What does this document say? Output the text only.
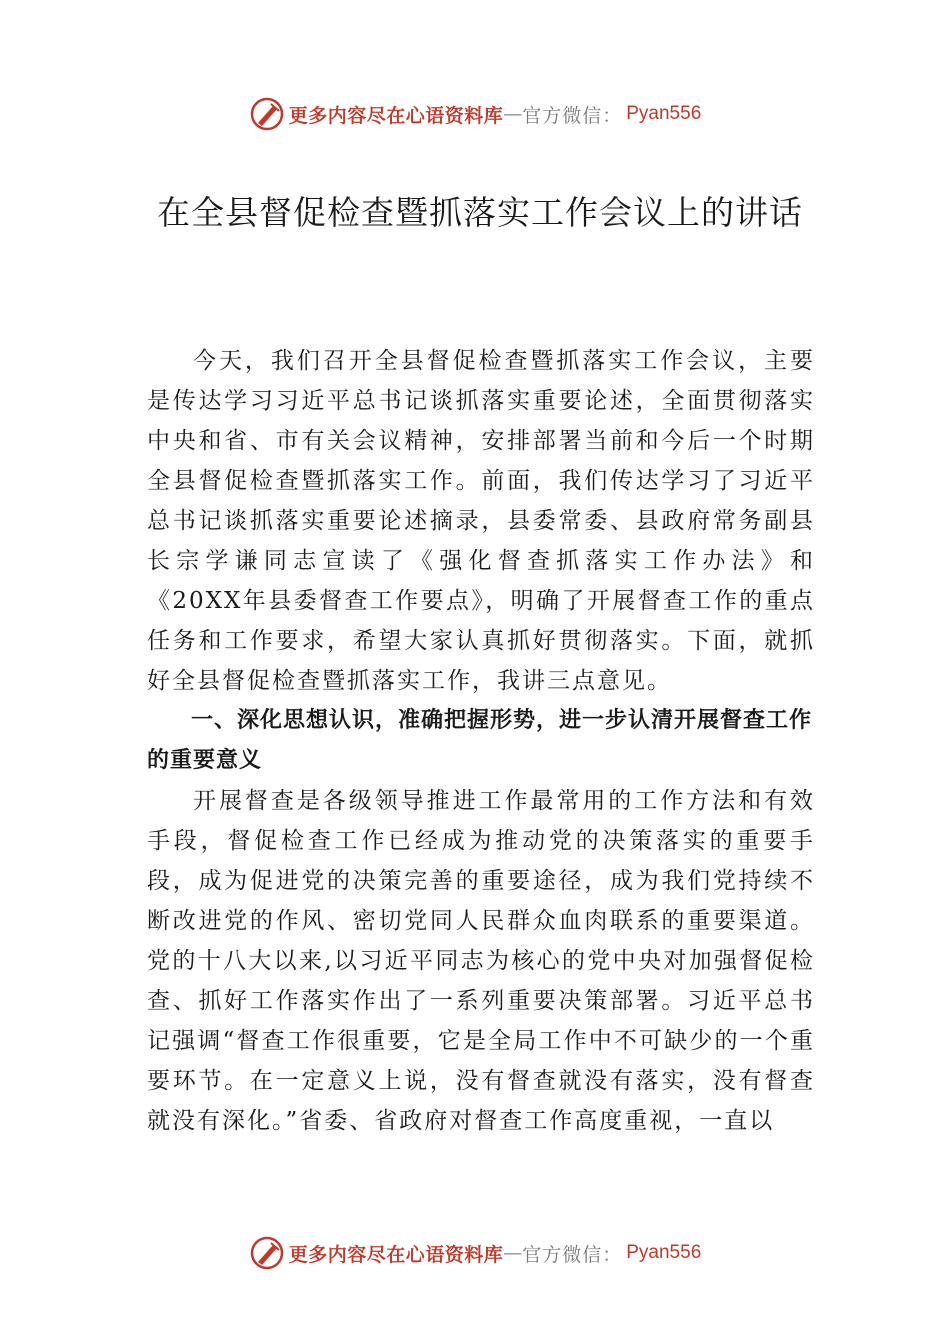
更多内容尽在心语资料库 — 官方微信： Pyan556
在全县督促检查暨抓落实工作会议上的讲话

今天，我们召开全县督促检查暨抓落实工作会议，主要是传达学习习近平总书记谈抓落实重要论述，全面贯彻落实中央和省、市有关会议精神，安排部署当前和今后一个时期全县督促检查暨抓落实工作。前面，我们传达学习了习近平总书记谈抓落实重要论述摘录，县委常委、县政府常务副县长宗学谦同志宣读了《强化督查抓落实工作办法》和《20XX年县委督查工作要点》，明确了开展督查工作的重点任务和工作要求，希望大家认真抓好贯彻落实。下面，就抓好全县督促检查暨抓落实工作，我讲三点意见。

一、深化思想认识，准确把握形势，进一步认清开展督查工作的重要意义

开展督查是各级领导推进工作最常用的工作方法和有效手段，督促检查工作已经成为推动党的决策落实的重要手段，成为促进党的决策完善的重要途径，成为我们党持续不断改进党的作风、密切党同人民群众血肉联系的重要渠道。党的十八大以来,以习近平同志为核心的党中央对加强督促检查、抓好工作落实作出了一系列重要决策部署。习近平总书记强调“督查工作很重要，它是全局工作中不可缺少的一个重要环节。在一定意义上说，没有督查就没有落实，没有督查就没有深化。”省委、省政府对督查工作高度重视，一直以

更多内容尽在心语资料库 — 官方微信： Pyan556
